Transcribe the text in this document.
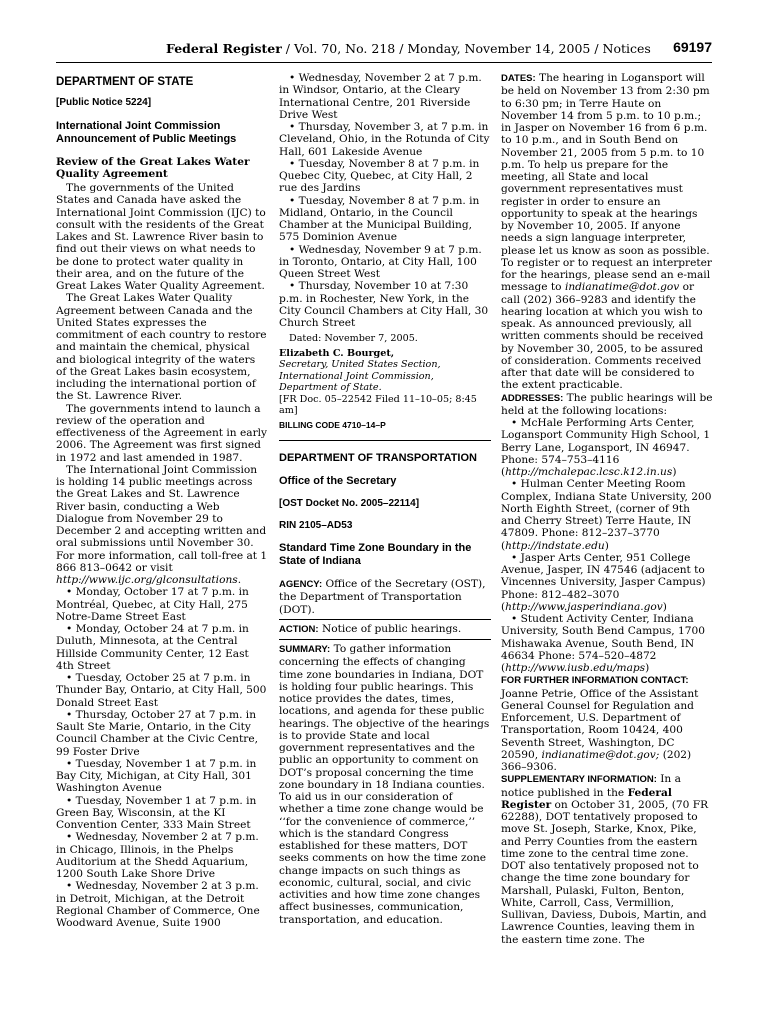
Federal Register / Vol. 70, No. 218 / Monday, November 14, 2005 / Notices 69197

DEPARTMENT OF STATE

[Public Notice 5224]

International Joint Commission Announcement of Public Meetings

Review of the Great Lakes Water Quality Agreement

The governments of the United States and Canada have asked the International Joint Commission (IJC) to consult with the residents of the Great Lakes and St. Lawrence River basin to find out their views on what needs to be done to protect water quality in their area, and on the future of the Great Lakes Water Quality Agreement.

The Great Lakes Water Quality Agreement between Canada and the United States expresses the commitment of each country to restore and maintain the chemical, physical and biological integrity of the waters of the Great Lakes basin ecosystem, including the international portion of the St. Lawrence River.

The governments intend to launch a review of the operation and effectiveness of the Agreement in early 2006. The Agreement was first signed in 1972 and last amended in 1987.

The International Joint Commission is holding 14 public meetings across the Great Lakes and St. Lawrence River basin, conducting a Web Dialogue from November 29 to December 2 and accepting written and oral submissions until November 30. For more information, call toll-free at 1 866 813–0642 or visit http://www.ijc.org/glconsultations.

• Monday, October 17 at 7 p.m. in Montréal, Quebec, at City Hall, 275 Notre-Dame Street East

• Monday, October 24 at 7 p.m. in Duluth, Minnesota, at the Central Hillside Community Center, 12 East 4th Street

• Tuesday, October 25 at 7 p.m. in Thunder Bay, Ontario, at City Hall, 500 Donald Street East

• Thursday, October 27 at 7 p.m. in Sault Ste Marie, Ontario, in the City Council Chamber at the Civic Centre, 99 Foster Drive

• Tuesday, November 1 at 7 p.m. in Bay City, Michigan, at City Hall, 301 Washington Avenue

• Tuesday, November 1 at 7 p.m. in Green Bay, Wisconsin, at the KI Convention Center, 333 Main Street

• Wednesday, November 2 at 7 p.m. in Chicago, Illinois, in the Phelps Auditorium at the Shedd Aquarium, 1200 South Lake Shore Drive

• Wednesday, November 2 at 3 p.m. in Detroit, Michigan, at the Detroit Regional Chamber of Commerce, One Woodward Avenue, Suite 1900

• Wednesday, November 2 at 7 p.m. in Windsor, Ontario, at the Cleary International Centre, 201 Riverside Drive West

• Thursday, November 3, at 7 p.m. in Cleveland, Ohio, in the Rotunda of City Hall, 601 Lakeside Avenue

• Tuesday, November 8 at 7 p.m. in Quebec City, Quebec, at City Hall, 2 rue des Jardins

• Tuesday, November 8 at 7 p.m. in Midland, Ontario, in the Council Chamber at the Municipal Building, 575 Dominion Avenue

• Wednesday, November 9 at 7 p.m. in Toronto, Ontario, at City Hall, 100 Queen Street West

• Thursday, November 10 at 7:30 p.m. in Rochester, New York, in the City Council Chambers at City Hall, 30 Church Street

Dated: November 7, 2005.

Elizabeth C. Bourget,

Secretary, United States Section, International Joint Commission, Department of State.

[FR Doc. 05–22542 Filed 11–10–05; 8:45 am]

BILLING CODE 4710–14–P

DEPARTMENT OF TRANSPORTATION

Office of the Secretary

[OST Docket No. 2005–22114]

RIN 2105–AD53

Standard Time Zone Boundary in the State of Indiana

AGENCY: Office of the Secretary (OST), the Department of Transportation (DOT).

ACTION: Notice of public hearings.

SUMMARY: To gather information concerning the effects of changing time zone boundaries in Indiana, DOT is holding four public hearings. This notice provides the dates, times, locations, and agenda for these public hearings. The objective of the hearings is to provide State and local government representatives and the public an opportunity to comment on DOT’s proposal concerning the time zone boundary in 18 Indiana counties. To aid us in our consideration of whether a time zone change would be ‘‘for the convenience of commerce,’’ which is the standard Congress established for these matters, DOT seeks comments on how the time zone change impacts on such things as economic, cultural, social, and civic activities and how time zone changes affect businesses, communication, transportation, and education.

DATES: The hearing in Logansport will be held on November 13 from 2:30 pm to 6:30 pm; in Terre Haute on November 14 from 5 p.m. to 10 p.m.; in Jasper on November 16 from 6 p.m. to 10 p.m., and in South Bend on November 21, 2005 from 5 p.m. to 10 p.m. To help us prepare for the meeting, all State and local government representatives must register in order to ensure an opportunity to speak at the hearings by November 10, 2005. If anyone needs a sign language interpreter, please let us know as soon as possible. To register or to request an interpreter for the hearings, please send an e-mail message to indianatime@dot.gov or call (202) 366–9283 and identify the hearing location at which you wish to speak. As announced previously, all written comments should be received by November 30, 2005, to be assured of consideration. Comments received after that date will be considered to the extent practicable.

ADDRESSES: The public hearings will be held at the following locations:

• McHale Performing Arts Center, Logansport Community High School, 1 Berry Lane, Logansport, IN 46947. Phone: 574–753–4116 (http://mchalepac.lcsc.k12.in.us)

• Hulman Center Meeting Room Complex, Indiana State University, 200 North Eighth Street, (corner of 9th and Cherry Street) Terre Haute, IN 47809. Phone: 812–237–3770 (http://indstate.edu)

• Jasper Arts Center, 951 College Avenue, Jasper, IN 47546 (adjacent to Vincennes University, Jasper Campus) Phone: 812–482–3070 (http://www.jasperindiana.gov)

• Student Activity Center, Indiana University, South Bend Campus, 1700 Mishawaka Avenue, South Bend, IN 46634 Phone: 574–520–4872 (http://www.iusb.edu/maps)

FOR FURTHER INFORMATION CONTACT: Joanne Petrie, Office of the Assistant General Counsel for Regulation and Enforcement, U.S. Department of Transportation, Room 10424, 400 Seventh Street, Washington, DC 20590, indianatime@dot.gov; (202) 366–9306.

SUPPLEMENTARY INFORMATION: In a notice published in the Federal Register on October 31, 2005, (70 FR 62288), DOT tentatively proposed to move St. Joseph, Starke, Knox, Pike, and Perry Counties from the eastern time zone to the central time zone. DOT also tentatively proposed not to change the time zone boundary for Marshall, Pulaski, Fulton, Benton, White, Carroll, Cass, Vermillion, Sullivan, Daviess, Dubois, Martin, and Lawrence Counties, leaving them in the eastern time zone. The
